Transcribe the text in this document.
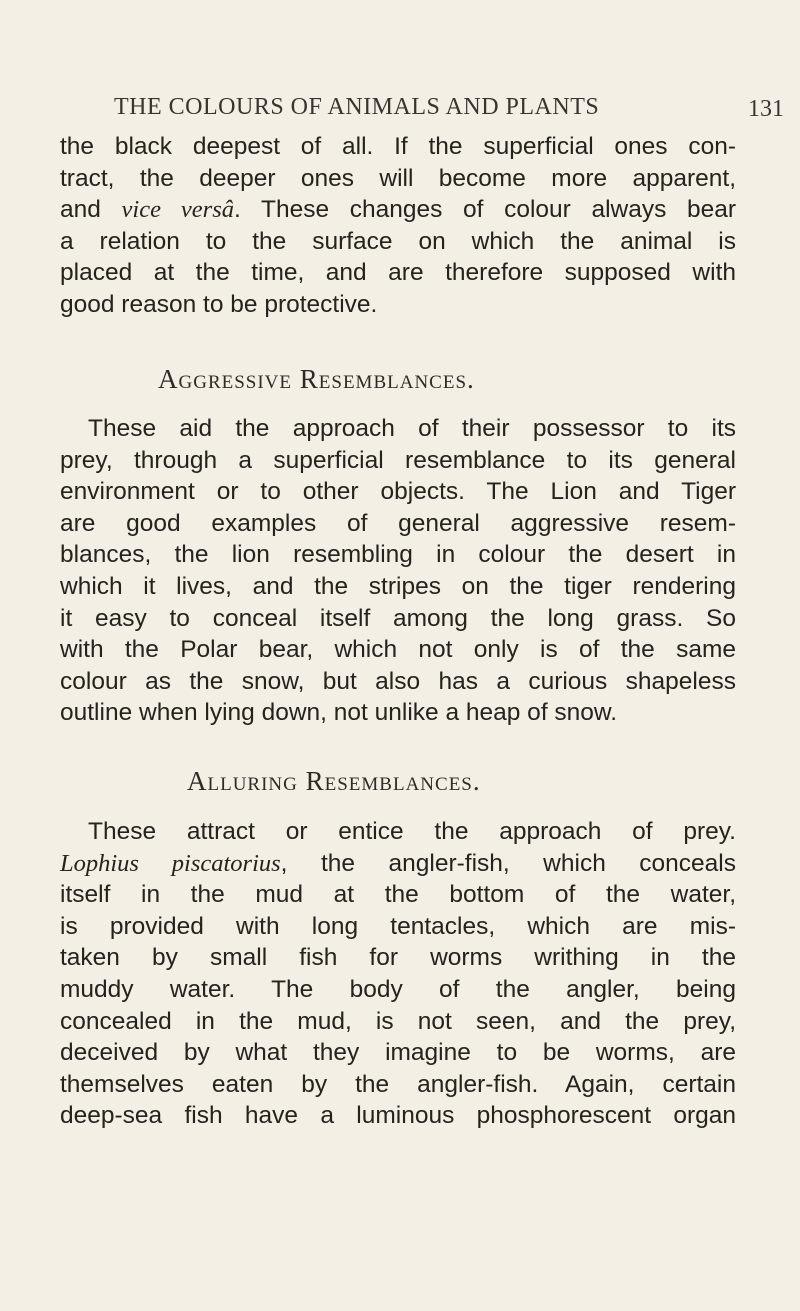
THE COLOURS OF ANIMALS AND PLANTS	131
the black deepest of all. If the superficial ones con-
tract, the deeper ones will become more apparent,
and vice versâ. These changes of colour always bear
a relation to the surface on which the animal is
placed at the time, and are therefore supposed with
good reason to be protective.
Aggressive Resemblances.
These aid the approach of their possessor to its
prey, through a superficial resemblance to its general
environment or to other objects. The Lion and Tiger
are good examples of general aggressive resem-
blances, the lion resembling in colour the desert in
which it lives, and the stripes on the tiger rendering
it easy to conceal itself among the long grass. So
with the Polar bear, which not only is of the same
colour as the snow, but also has a curious shapeless
outline when lying down, not unlike a heap of snow.
Alluring Resemblances.
These attract or entice the approach of prey.
Lophius piscatorius, the angler-fish, which conceals
itself in the mud at the bottom of the water,
is provided with long tentacles, which are mis-
taken by small fish for worms writhing in the
muddy water. The body of the angler, being
concealed in the mud, is not seen, and the prey,
deceived by what they imagine to be worms, are
themselves eaten by the angler-fish. Again, certain
deep-sea fish have a luminous phosphorescent organ
